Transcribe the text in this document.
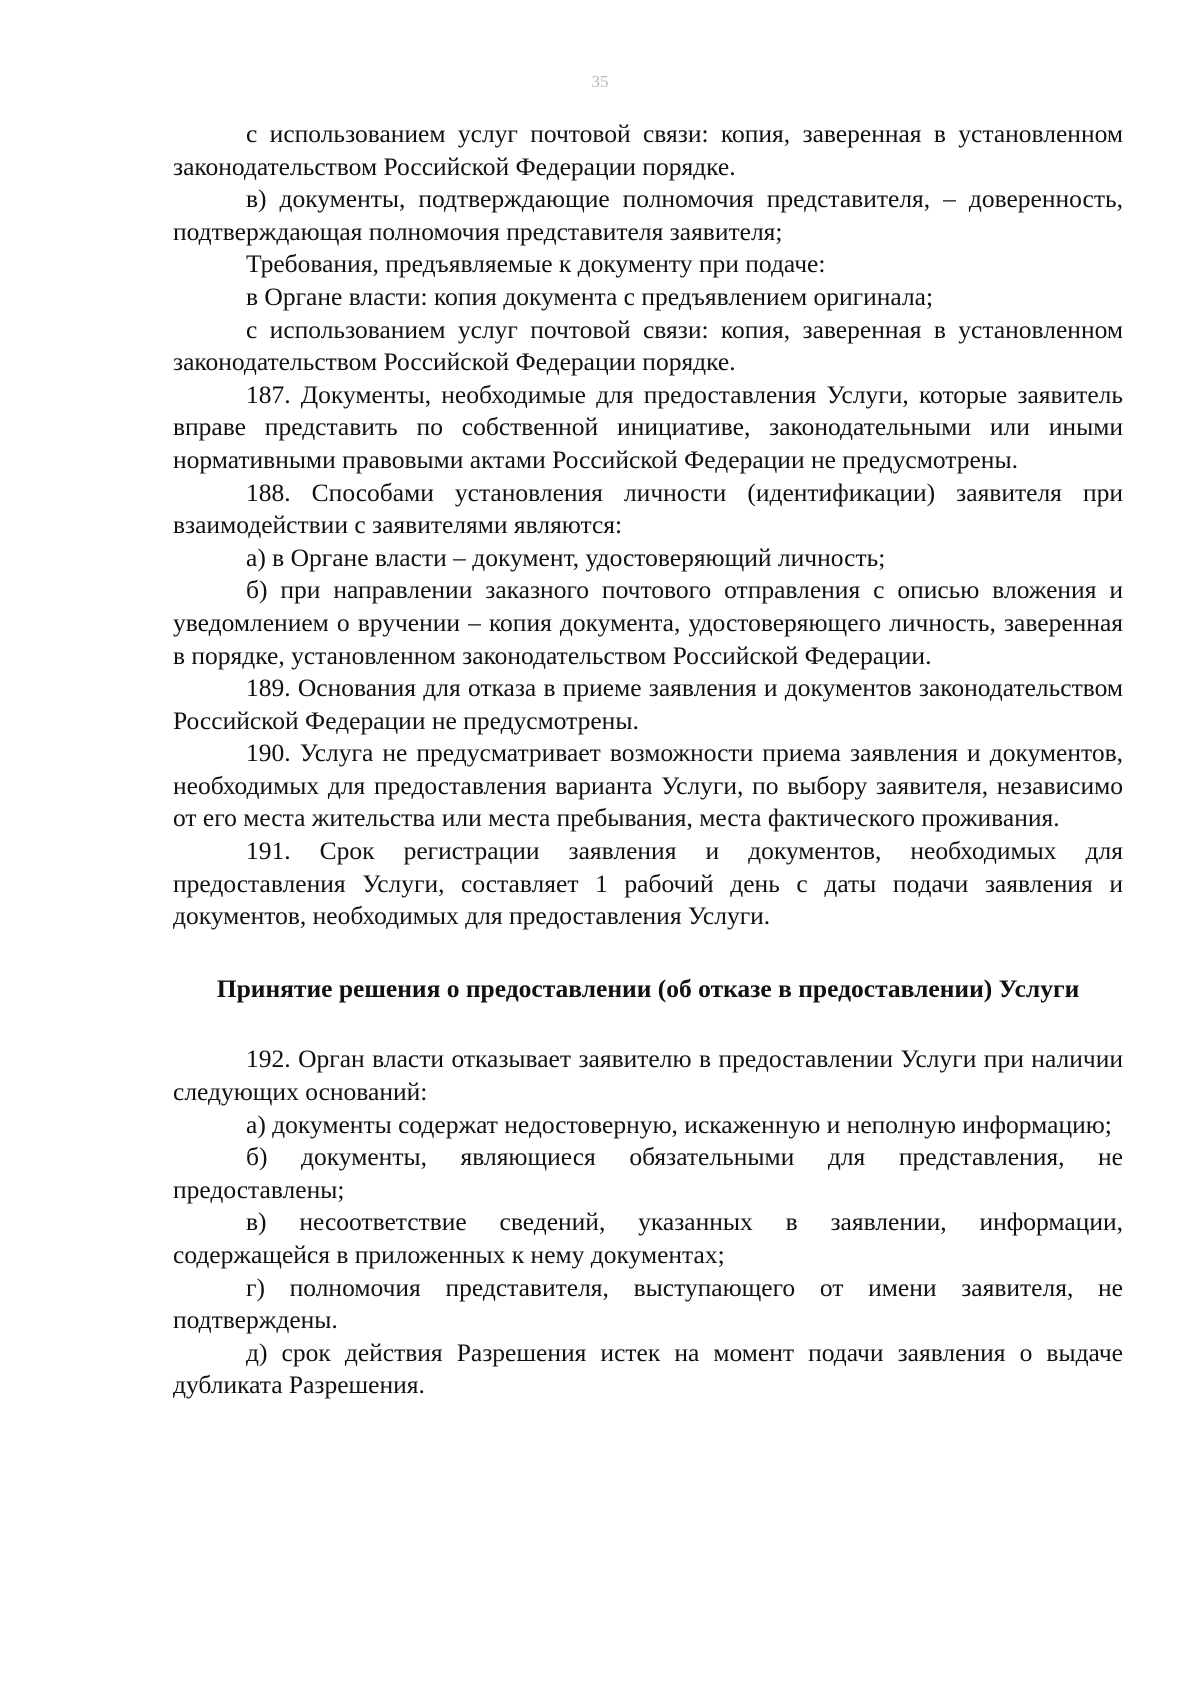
35

с использованием услуг почтовой связи: копия, заверенная в установленном законодательством Российской Федерации порядке.

в) документы, подтверждающие полномочия представителя, – доверенность, подтверждающая полномочия представителя заявителя;

Требования, предъявляемые к документу при подаче:

в Органе власти: копия документа с предъявлением оригинала;

с использованием услуг почтовой связи: копия, заверенная в установленном законодательством Российской Федерации порядке.

187. Документы, необходимые для предоставления Услуги, которые заявитель вправе представить по собственной инициативе, законодательными или иными нормативными правовыми актами Российской Федерации не предусмотрены.

188. Способами установления личности (идентификации) заявителя при взаимодействии с заявителями являются:

а) в Органе власти – документ, удостоверяющий личность;

б) при направлении заказного почтового отправления с описью вложения и уведомлением о вручении – копия документа, удостоверяющего личность, заверенная в порядке, установленном законодательством Российской Федерации.

189. Основания для отказа в приеме заявления и документов законодательством Российской Федерации не предусмотрены.

190. Услуга не предусматривает возможности приема заявления и документов, необходимых для предоставления варианта Услуги, по выбору заявителя, независимо от его места жительства или места пребывания, места фактического проживания.

191. Срок регистрации заявления и документов, необходимых для предоставления Услуги, составляет 1 рабочий день с даты подачи заявления и документов, необходимых для предоставления Услуги.

Принятие решения о предоставлении (об отказе в предоставлении) Услуги

192. Орган власти отказывает заявителю в предоставлении Услуги при наличии следующих оснований:

а) документы содержат недостоверную, искаженную и неполную информацию;

б) документы, являющиеся обязательными для представления, не предоставлены;

в) несоответствие сведений, указанных в заявлении, информации, содержащейся в приложенных к нему документах;

г) полномочия представителя, выступающего от имени заявителя, не подтверждены.

д) срок действия Разрешения истек на момент подачи заявления о выдаче дубликата Разрешения.
